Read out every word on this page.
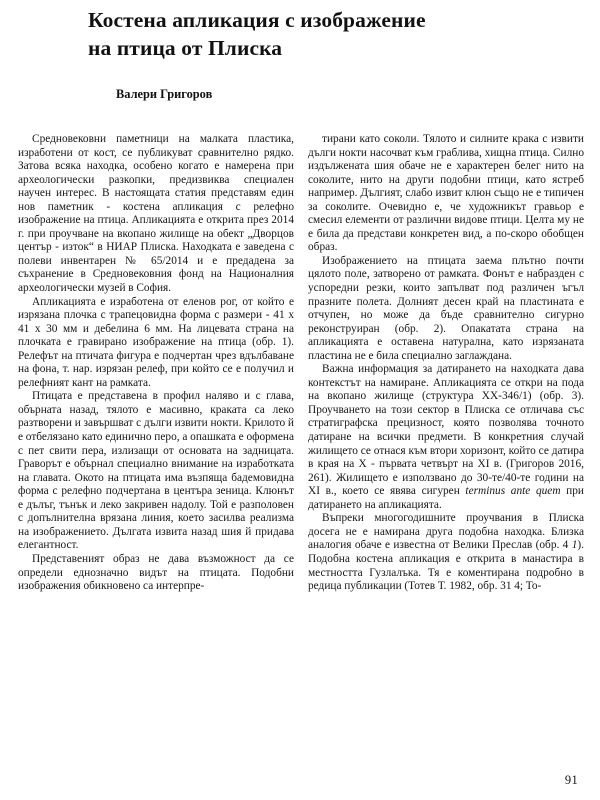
Костена апликация с изображение
на птица от Плиска
Валери Григоров

Средновековни паметници на малката пластика, изработени от кост, се публикуват сравнително рядко. Затова всяка находка, особено когато е намерена при археологически разкопки, предизвиква специален научен интерес. В настоящата статия представям един нов паметник - костена апликация с релефно изображение на птица. Апликацията е открита през 2014 г. при проучване на вкопано жилище на обект „Дворцов център - изток“ в НИАР Плиска. Находката е заведена с полеви инвентарен № 65/2014 и е предадена за съхранение в Средновековния фонд на Националния археологически музей в София.

Апликацията е изработена от еленов рог, от който е изрязана плочка с трапецовидна форма с размери - 41 х 41 х 30 мм и дебелина 6 мм. На лицевата страна на плочката е гравирано изображение на птица (обр. 1). Релефът на птичата фигура е подчертан чрез вдълбаване на фона, т. нар. изрязан релеф, при който се е получил и релефният кант на рамката.

Птицата е представена в профил наляво и с глава, обърната назад, тялото е масивно, краката са леко разтворени и завършват с дълги извити нокти. Крилото й е отбелязано като единично перо, а опашката е оформена с пет свити пера, излизащи от основата на задницата. Граворът е обърнал специално внимание на изработката на главата. Окото на птицата има възпяща бадемовидна форма с релефно подчертана в центъра зеница. Клюнът е дълъг, тънък и леко закривен надолу. Той е разполовен с допълнителна врязана линия, което засилва реализма на изображението. Дългата извита назад шия й придава елегантност.

Представеният образ не дава възможност да се определи еднозначно видът на птицата. Подобни изображения обикновено са интерпре-

тирани като соколи. Тялото и силните крака с извити дълги нокти насочват към граблива, хищна птица. Силно издължената шия обаче не е характерен белег нито на соколите, нито на други подобни птици, като ястреб например. Дългият, слабо извит клюн също не е типичен за соколите. Очевидно е, че художникът гравьор е смесил елементи от различни видове птици. Целта му не е била да представи конкретен вид, а по-скоро обобщен образ.

Изображението на птицата заема плътно почти цялото поле, затворено от рамката. Фонът е набразден с успоредни резки, които запълват под различен ъгъл празните полета. Долният десен край на пластината е отчупен, но може да бъде сравнително сигурно реконструиран (обр. 2). Опакатата страна на апликацията е оставена натурална, като изрязаната пластина не е била специално заглаждана.

Важна информация за датирането на находката дава контекстът на намиране. Апликацията се откри на пода на вкопано жилище (структура ХХ-346/1) (обр. 3). Проучването на този сектор в Плиска се отличава със стратиграфска прецизност, която позволява точното датиране на всички предмети. В конкретния случай жилището се отнася към втори хоризонт, който се датира в края на Х - първата четвърт на ХI в. (Григоров 2016, 261). Жилището е използвано до 30-те/40-те години на ХI в., което се явява сигурен terminus ante quem при датирането на апликацията.

Въпреки многогодишните проучвания в Плиска досега не е намирана друга подобна находка. Близка аналогия обаче е известна от Велики Преслав (обр. 4 1). Подобна костена апликация е открита в манастира в местността Гузлалъка. Тя е коментирана подробно в редица публикации (Тотев Т. 1982, обр. 31 4; То-

91
